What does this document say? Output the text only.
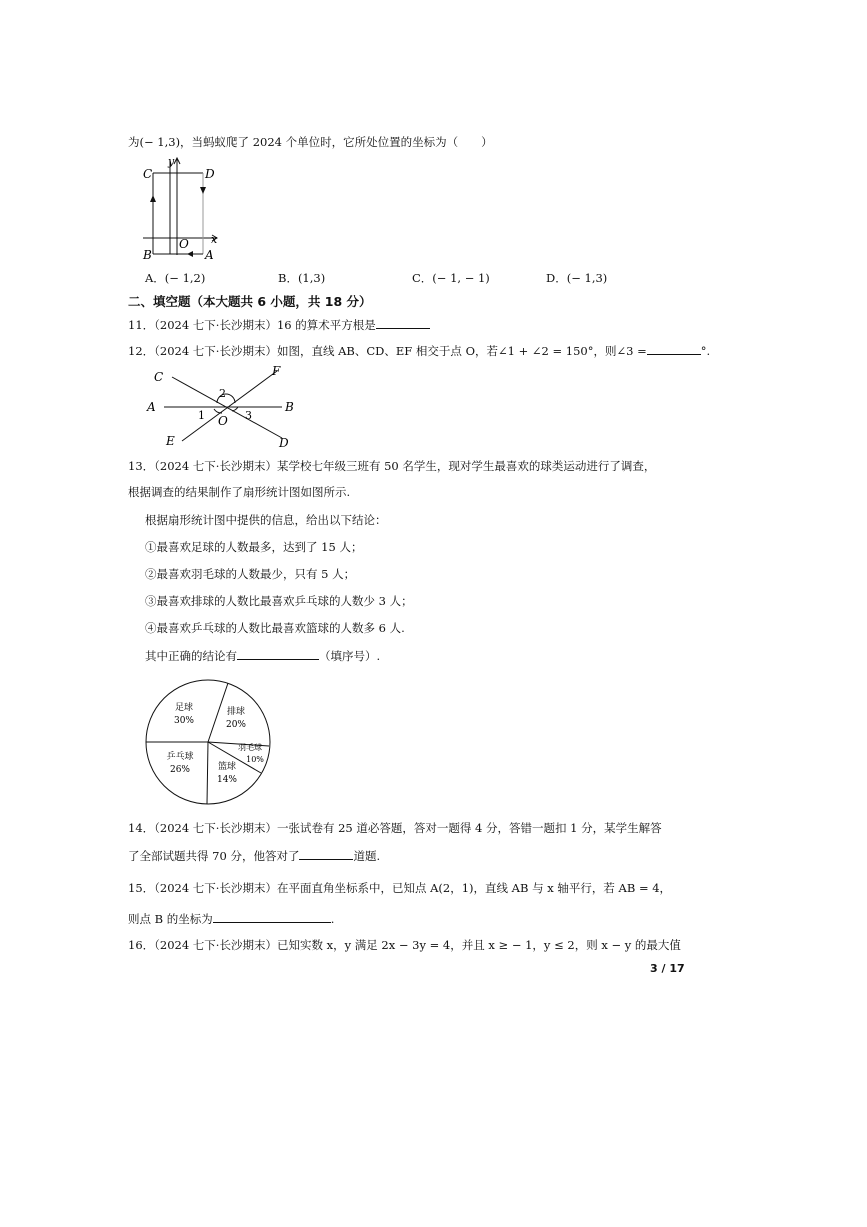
为(− 1,3)，当蚂蚁爬了 2024 个单位时，它所处位置的坐标为（　　）
C	D
B	A
O x
y
A．(− 1,2)	B．(1,3)	C．(− 1, − 1)	D．(− 1,3)
二、填空题（本大题共 6 小题，共 18 分）
11．（2024 七下·长沙期末）16 的算术平方根是
12．（2024 七下·长沙期末）如图，直线 AB、CD、EF 相交于点 O，若∠1 + ∠2 = 150°，则∠3 =	°.
C	F
A	B
E	D
O
1
2
3
13．（2024 七下·长沙期末）某学校七年级三班有 50 名学生，现对学生最喜欢的球类运动进行了调查，
根据调查的结果制作了扇形统计图如图所示.
根据扇形统计图中提供的信息，给出以下结论：
①最喜欢足球的人数最多，达到了 15 人；
②最喜欢羽毛球的人数最少，只有 5 人；
③最喜欢排球的人数比最喜欢乒乓球的人数少 3 人；
④最喜欢乒乓球的人数比最喜欢篮球的人数多 6 人.
其中正确的结论有	（填序号）.
足球
30%
排球
20%
羽毛球
10%
篮球
14%
乒乓球
26%
14．（2024 七下·长沙期末）一张试卷有 25 道必答题，答对一题得 4 分，答错一题扣 1 分，某学生解答
了全部试题共得 70 分，他答对了	道题.
15．（2024 七下·长沙期末）在平面直角坐标系中，已知点 A(2，1)，直线 AB 与 x 轴平行，若 AB = 4，
则点 B 的坐标为	.
16．（2024 七下·长沙期末）已知实数 x，y 满足 2x − 3y = 4，并且 x ≥ − 1，y ≤ 2，则 x − y 的最大值
3 / 17
